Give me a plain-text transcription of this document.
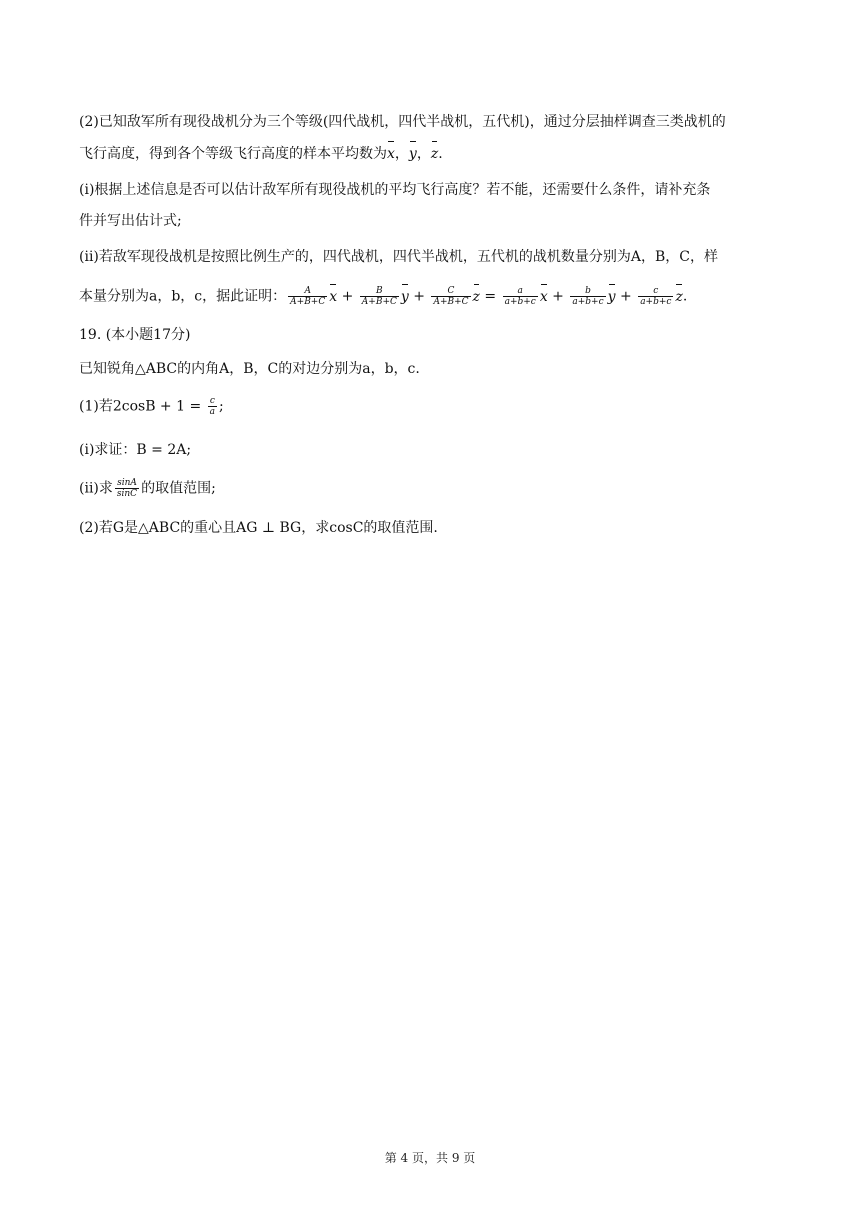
(2)已知敌军所有现役战机分为三个等级(四代战机，四代半战机，五代机)，通过分层抽样调查三类战机的
飞行高度，得到各个等级飞行高度的样本平均数为x，y，z.
(ⅰ)根据上述信息是否可以估计敌军所有现役战机的平均飞行高度？若不能，还需要什么条件，请补充条
件并写出估计式;
(ⅱ)若敌军现役战机是按照比例生产的，四代战机，四代半战机，五代机的战机数量分别为A，B，C，样
本量分别为a，b，c，据此证明： $\frac{A}{A+B+C}$ $x + \frac{B}{A+B+C}$ $y + \frac{C}{A+B+C}$ $z = \frac{a}{a+b+c}$ $x + \frac{b}{a+b+c}$ $y + \frac{c}{a+b+c} z$.
19. (本小题17分)
已知锐角△ABC的内角A，B，C的对边分别为a，b，c.
(1)若$2\cos B + 1 = \frac{c}{a}$ ;
(ⅰ)求证：B = 2A;
(ⅱ)求 $\frac{\sin A}{\sin C}$ 的取值范围;
(2)若G是△ABC的重心且AG ⊥ BG，求cosC的取值范围.
第 4 页，共 9 页
